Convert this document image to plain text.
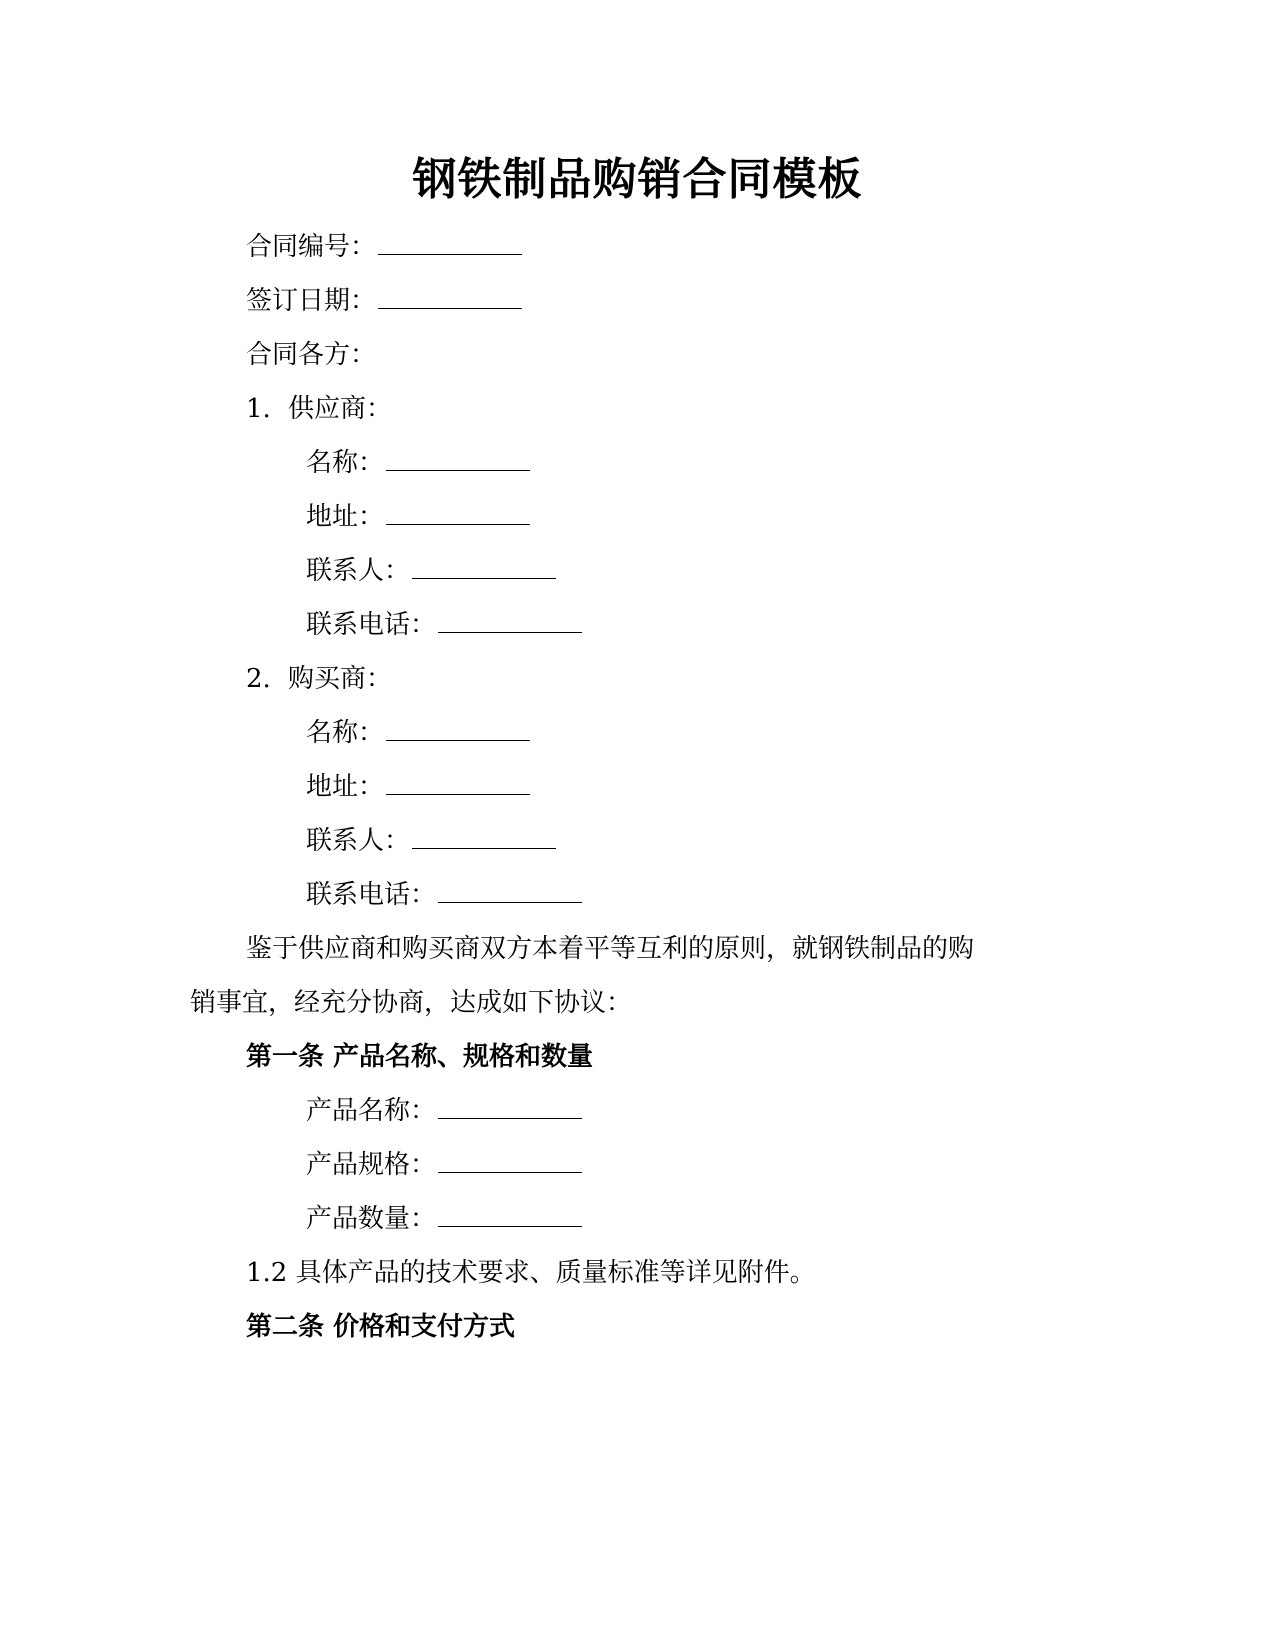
钢铁制品购销合同模板
合同编号：
签订日期：
合同各方：
1. 供应商：
名称：
地址：
联系人：
联系电话：
2. 购买商：
名称：
地址：
联系人：
联系电话：
鉴于供应商和购买商双方本着平等互利的原则，就钢铁制品的购
销事宜，经充分协商，达成如下协议：
第一条 产品名称、规格和数量
产品名称：
产品规格：
产品数量：
1.2 具体产品的技术要求、质量标准等详见附件。
第二条 价格和支付方式
